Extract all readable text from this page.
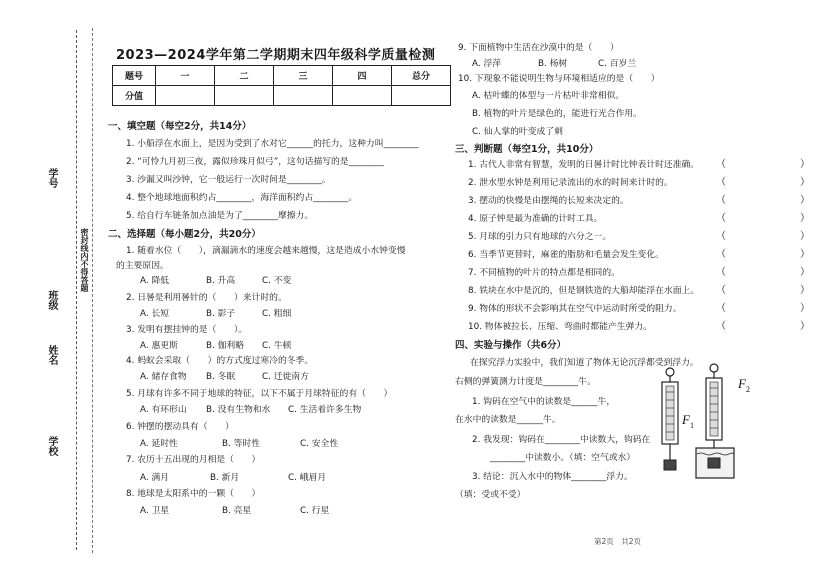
学号
班级
密封线内不得答题
姓名
学校
2023—2024学年第二学期期末四年级科学质量检测
题号	一	二	三	四	总分
分值					
一、填空题（每空2分，共14分）
1. 小船浮在水面上，是因为受到了水对它______的托力，这种力叫________
2. “可怜九月初三夜，露似珍珠月似弓”，这句话描写的是________
3. 沙漏又叫沙钟，它一般运行一次时间是________。
4. 整个地球地面积约占________，海洋面积约占________。
5. 给自行车链条加点油是为了________摩擦力。
二、选择题（每小题2分，共20分）
1. 随着水位（　　），滴漏滴水的速度会越来越慢，这是造成小水钟变慢
的主要原因。
A. 降低	B. 升高	C. 不变
2. 日晷是利用晷针的（　　）来计时的。
A. 长短	B. 影子	C. 粗细
3. 发明有摆挂钟的是（　　）。
A. 惠更斯	B. 伽利略 C. 牛顿
4. 蚂蚁会采取（　　）的方式度过寒冷的冬季。
A. 储存食物 B. 冬眠	C. 迁徙南方
5. 月球有许多不同于地球的特征，以下不属于月球特征的有（　　）
A. 有环形山 B. 没有生物和水 C. 生活着许多生物
6. 钟摆的摆动具有（　　）
A. 延时性	B. 等时性	C. 安全性
7. 农历十五出现的月相是（　　）
A. 满月	B. 新月	C. 峨眉月
8. 地球是太阳系中的一颗（　　）
A. 卫星	B. 亮星	C. 行星
9. 下面植物中生活在沙漠中的是（　　）
A. 浮萍	B. 杨树	C. 百岁兰
10. 下现象不能说明生物与环境相适应的是（　　）
A. 枯叶蝶的体型与一片枯叶非常相似。
B. 植物的叶片是绿色的，能进行光合作用。
C. 仙人掌的叶变成了刺
三、判断题（每空1分，共10分）
1. 古代人非常有智慧，发明的日晷计时比钟表计时还准确。 （　　）
2. 泄水型水钟是利用记录流出的水的时间来计时的。	（　　）
3. 摆动的快慢是由摆绳的长短来决定的。	（　　）
4. 原子钟是最为准确的计时工具。	（　　）
5. 月球的引力只有地球的六分之一。	（　　）
6. 当季节更替时，麻雀的脂肪和毛量会发生变化。	（　　）
7. 不同植物的叶片的特点都是相同的。	（　　）
8. 铁块在水中是沉的，但是钢铁造的大船却能浮在水面上。 （　　）
9. 物体的形状不会影响其在空气中运动时所受的阻力。	（　　）
10. 物体被拉长、压缩、弯曲时都能产生弹力。	（　　）
四、实验与操作（共6分）
在探究浮力实验中，我们知道了物体无论沉浮都受到浮力。
右侧的弹簧测力计度是________牛。
1. 钩码在空气中的读数是______牛，
在水中的读数是______牛。
2. 我发现：钩码在________中读数大，钩码在
________中读数小。（填：空气或水）
3. 结论：沉入水中的物体________浮力。
（填：受或不受）
F 1
F 2
第2页　共2页
